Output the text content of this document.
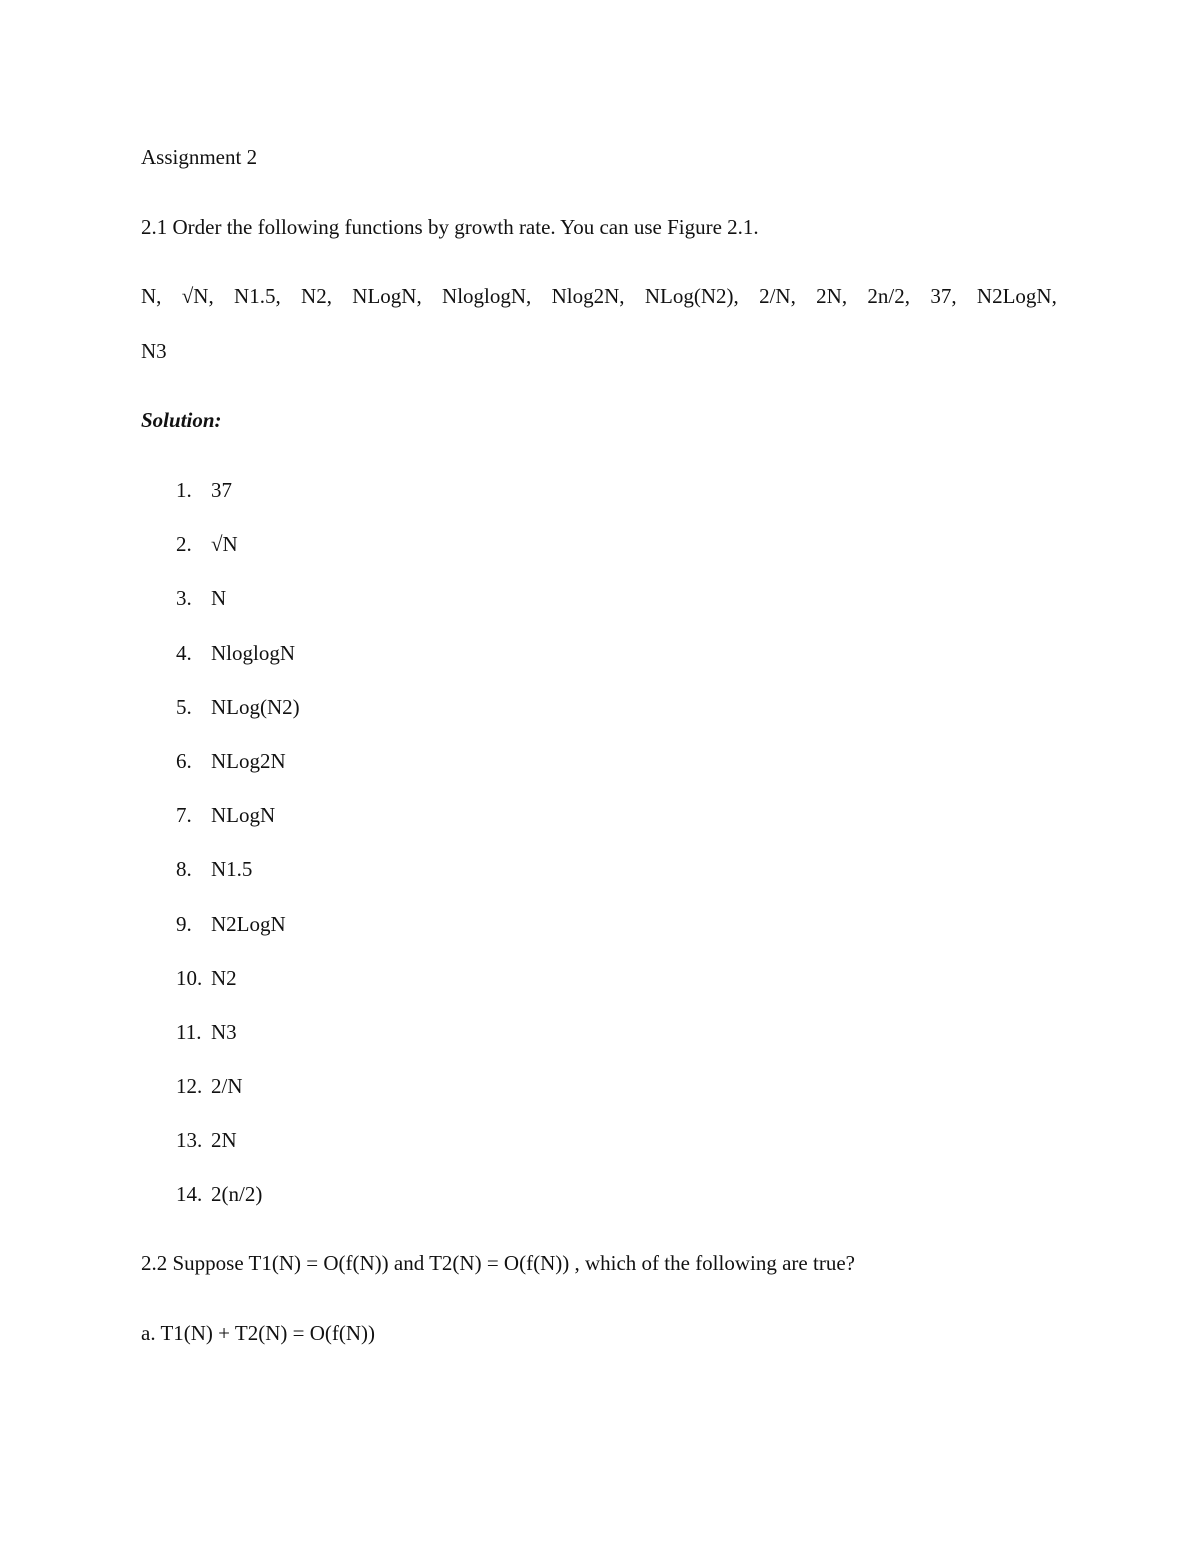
Assignment 2
2.1 Order the following functions by growth rate. You can use Figure 2.1.
N, √N, N1.5, N2, NLogN, NloglogN, Nlog2N, NLog(N2), 2/N, 2N, 2n/2, 37, N2LogN,
N3
Solution:
1. 37
2. √N
3. N
4. NloglogN
5. NLog(N2)
6. NLog2N
7. NLogN
8. N1.5
9. N2LogN
10. N2
11. N3
12. 2/N
13. 2N
14. 2(n/2)
2.2 Suppose T1(N) = O(f(N)) and T2(N) = O(f(N)) , which of the following are true?
a. T1(N) + T2(N) = O(f(N))
